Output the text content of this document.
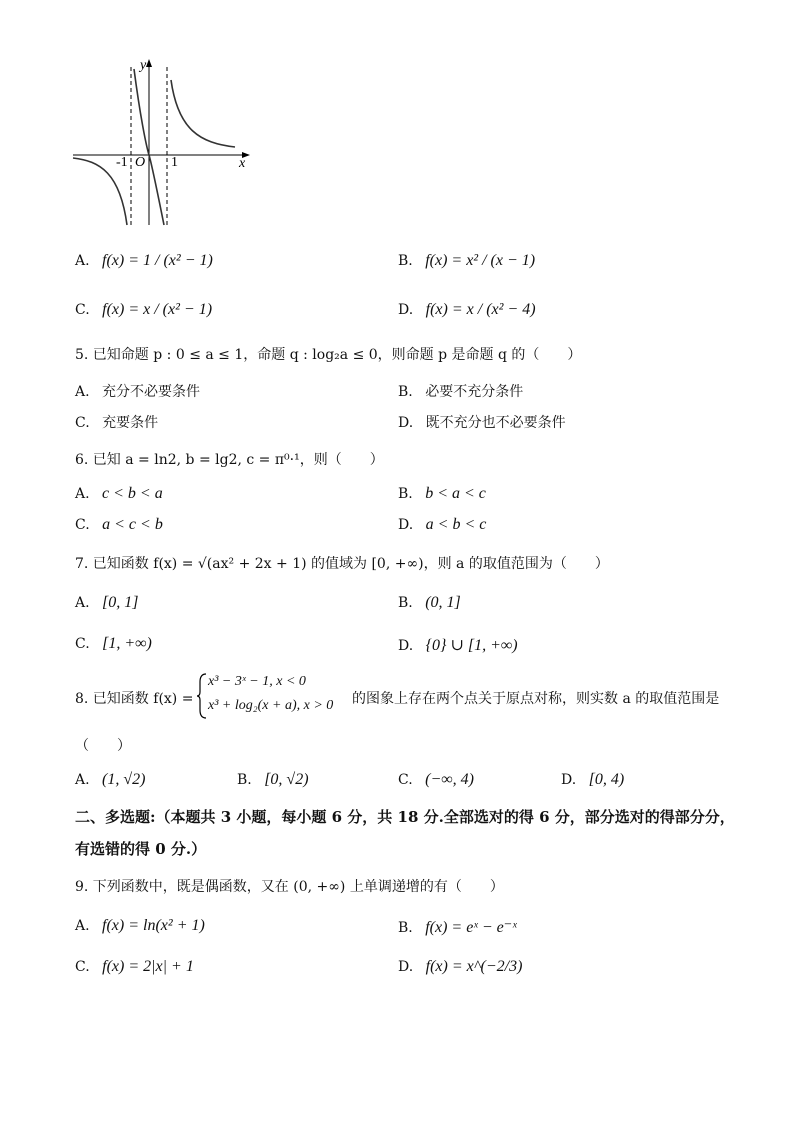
y
x
-1 O 1
A. f(x) = 1 / (x² − 1)	B. f(x) = x² / (x − 1)
C. f(x) = x / (x² − 1)	D. f(x) = x / (x² − 4)
5. 已知命题 p : 0 ≤ a ≤ 1，命题 q : log₂a ≤ 0，则命题 p 是命题 q 的（　　）
A. 充分不必要条件	B. 必要不充分条件
C. 充要条件	D. 既不充分也不必要条件
6. 已知 a = ln2, b = lg2, c = π⁰·¹，则（　　）
A. c < b < a	B. b < a < c
C. a < c < b	D. a < b < c
7. 已知函数 f(x) = √(ax² + 2x + 1) 的值域为 [0, +∞)，则 a 的取值范围为（　　）
A. [0, 1]	B. (0, 1]
C. [1, +∞)	D. {0} ∪ [1, +∞)
8. 已知函数 f(x) =
x³ − 3ˣ − 1, x < 0
x³ + log₂(x + a), x > 0 的图象上存在两个点关于原点对称，则实数 a 的取值范围是
（　　）
A. (1, √2)	B. [0, √2)	C. (−∞, 4)	D. [0, 4)
二、多选题:（本题共 3 小题，每小题 6 分，共 18 分.全部选对的得 6 分，部分选对的得部分分，
有选错的得 0 分.）
9. 下列函数中，既是偶函数，又在 (0, +∞) 上单调递增的有（　　）
A. f(x) = ln(x² + 1)	B. f(x) = eˣ − e⁻ˣ
C. f(x) = 2|x| + 1	D. f(x) = x^(−2/3)
